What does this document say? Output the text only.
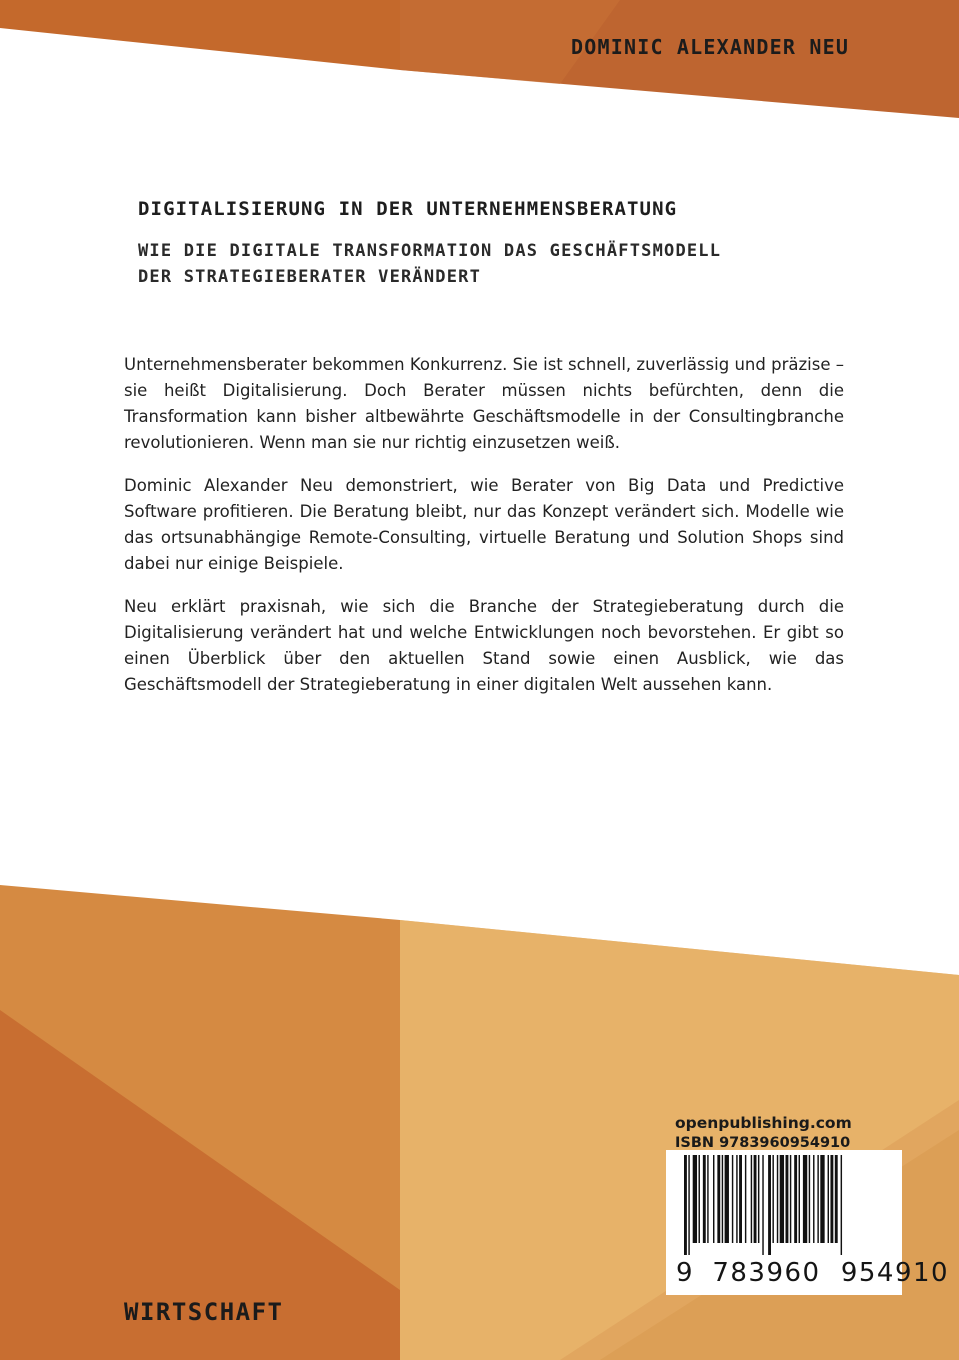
DOMINIC ALEXANDER NEU
DIGITALISIERUNG IN DER UNTERNEHMENSBERATUNG
WIE DIE DIGITALE TRANSFORMATION DAS GESCHÄFTSMODELL
DER STRATEGIEBERATER VERÄNDERT

Unternehmensberater bekommen Konkurrenz. Sie ist schnell, zuverlässig und präzise – sie heißt Digitalisierung. Doch Berater müssen nichts befürchten, denn die Transformation kann bisher altbewährte Geschäftsmodelle in der Consultingbranche revolutionieren. Wenn man sie nur richtig einzusetzen weiß.

Dominic Alexander Neu demonstriert, wie Berater von Big Data und Predictive Software profitieren. Die Beratung bleibt, nur das Konzept verändert sich. Modelle wie das ortsunabhängige Remote-Consulting, virtuelle Beratung und Solution Shops sind dabei nur einige Beispiele.

Neu erklärt praxisnah, wie sich die Branche der Strategieberatung durch die Digitalisierung verändert hat und welche Entwicklungen noch bevorstehen. Er gibt so einen Überblick über den aktuellen Stand sowie einen Ausblick, wie das Geschäftsmodell der Strategieberatung in einer digitalen Welt aussehen kann.

openpublishing.com
ISBN 9783960954910
9 783960 954910
WIRTSCHAFT
